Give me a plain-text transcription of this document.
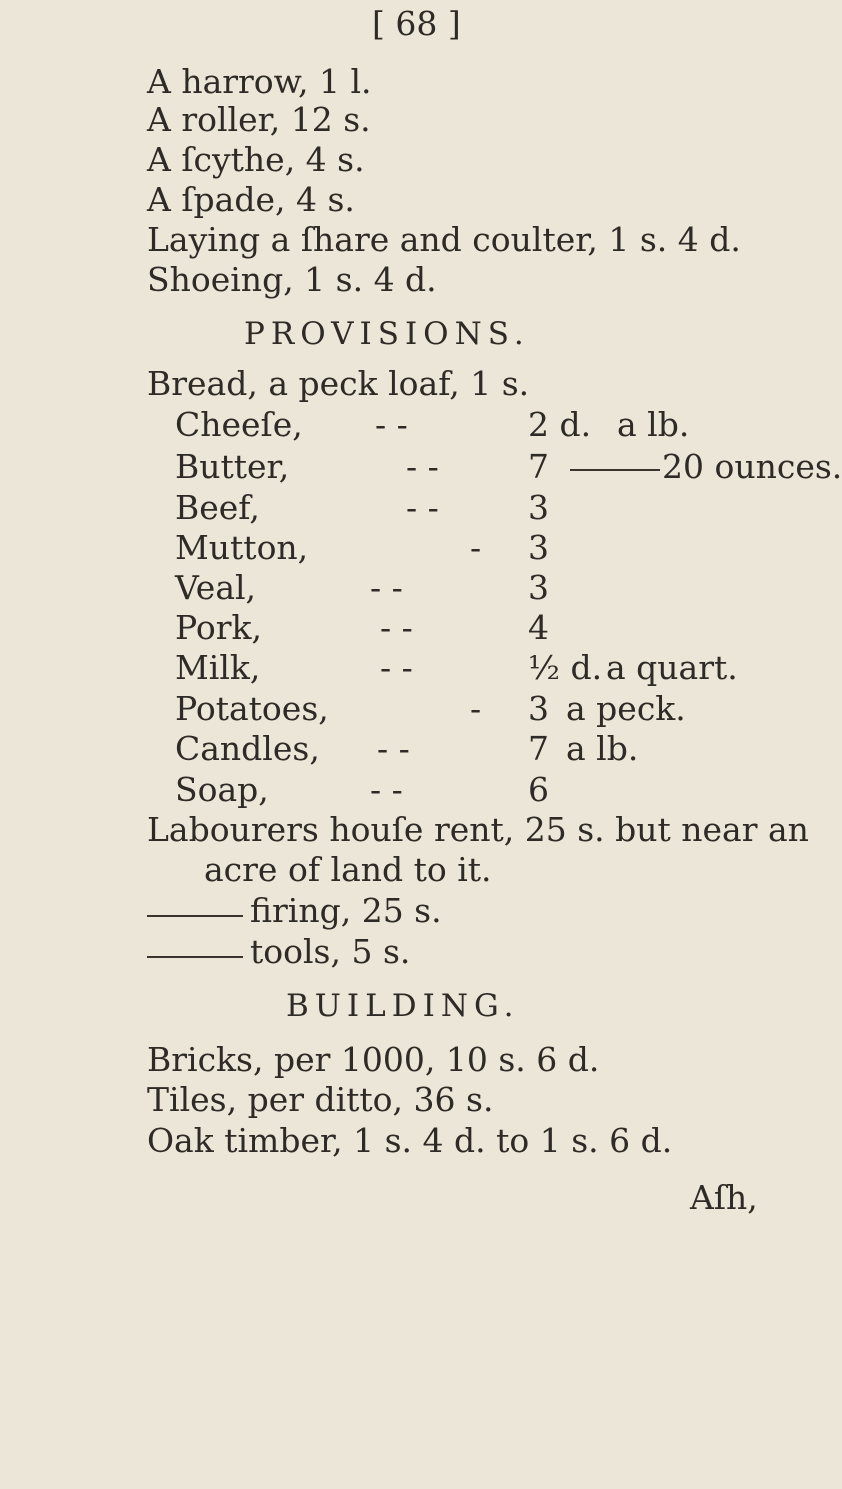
[ 68 ]
A harrow, 1 l.
A roller, 12 s.
A ſcythe, 4 s.
A ſpade, 4 s.
Laying a ſhare and coulter, 1 s. 4 d.
Shoeing, 1 s. 4 d.
PROVISIONS.
Bread, a peck loaf, 1 s.
Cheeſe, - -	2 d. a lb.
Butter,	- -	7	20 ounces.
Beef,	- -	3
Mutton,	- 3
Veal,	- -	3
Pork,	- -	4
Milk,	- -	½ d. a quart.
Potatoes,	- 3 a peck.
Candles, - -	7 a lb.
Soap,	- -	6
Labourers houſe rent, 25 s. but near an
acre of land to it.
firing, 25 s.
tools, 5 s.
BUILDING.
Bricks, per 1000, 10 s. 6 d.
Tiles, per ditto, 36 s.
Oak timber, 1 s. 4 d. to 1 s. 6 d.
Aſh,
